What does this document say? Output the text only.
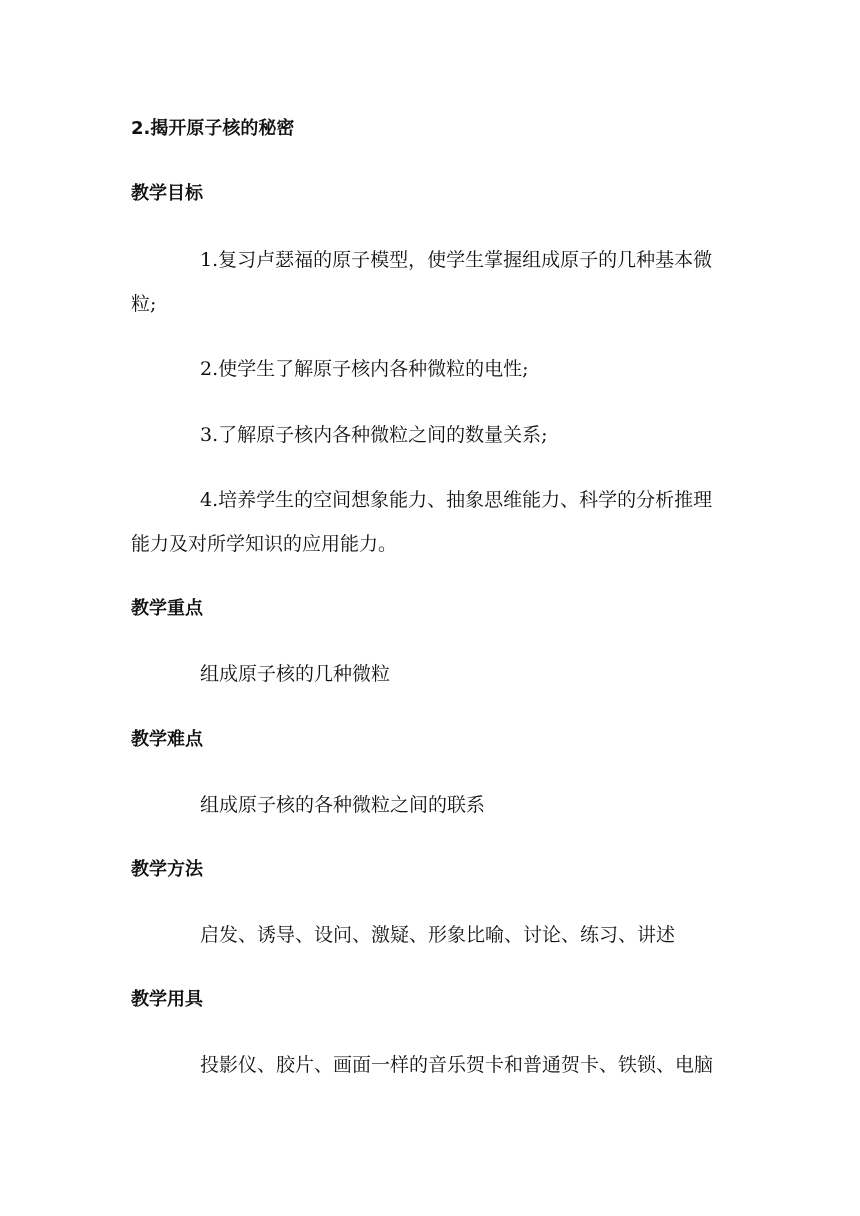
2.揭开原子核的秘密
教学目标
1.复习卢瑟福的原子模型，使学生掌握组成原子的几种基本微
粒;
2.使学生了解原子核内各种微粒的电性;
3.了解原子核内各种微粒之间的数量关系;
4.培养学生的空间想象能力、抽象思维能力、科学的分析推理
能力及对所学知识的应用能力。
教学重点
组成原子核的几种微粒
教学难点
组成原子核的各种微粒之间的联系
教学方法
启发、诱导、设问、激疑、形象比喻、讨论、练习、讲述
教学用具
投影仪、胶片、画面一样的音乐贺卡和普通贺卡、铁锁、电脑
